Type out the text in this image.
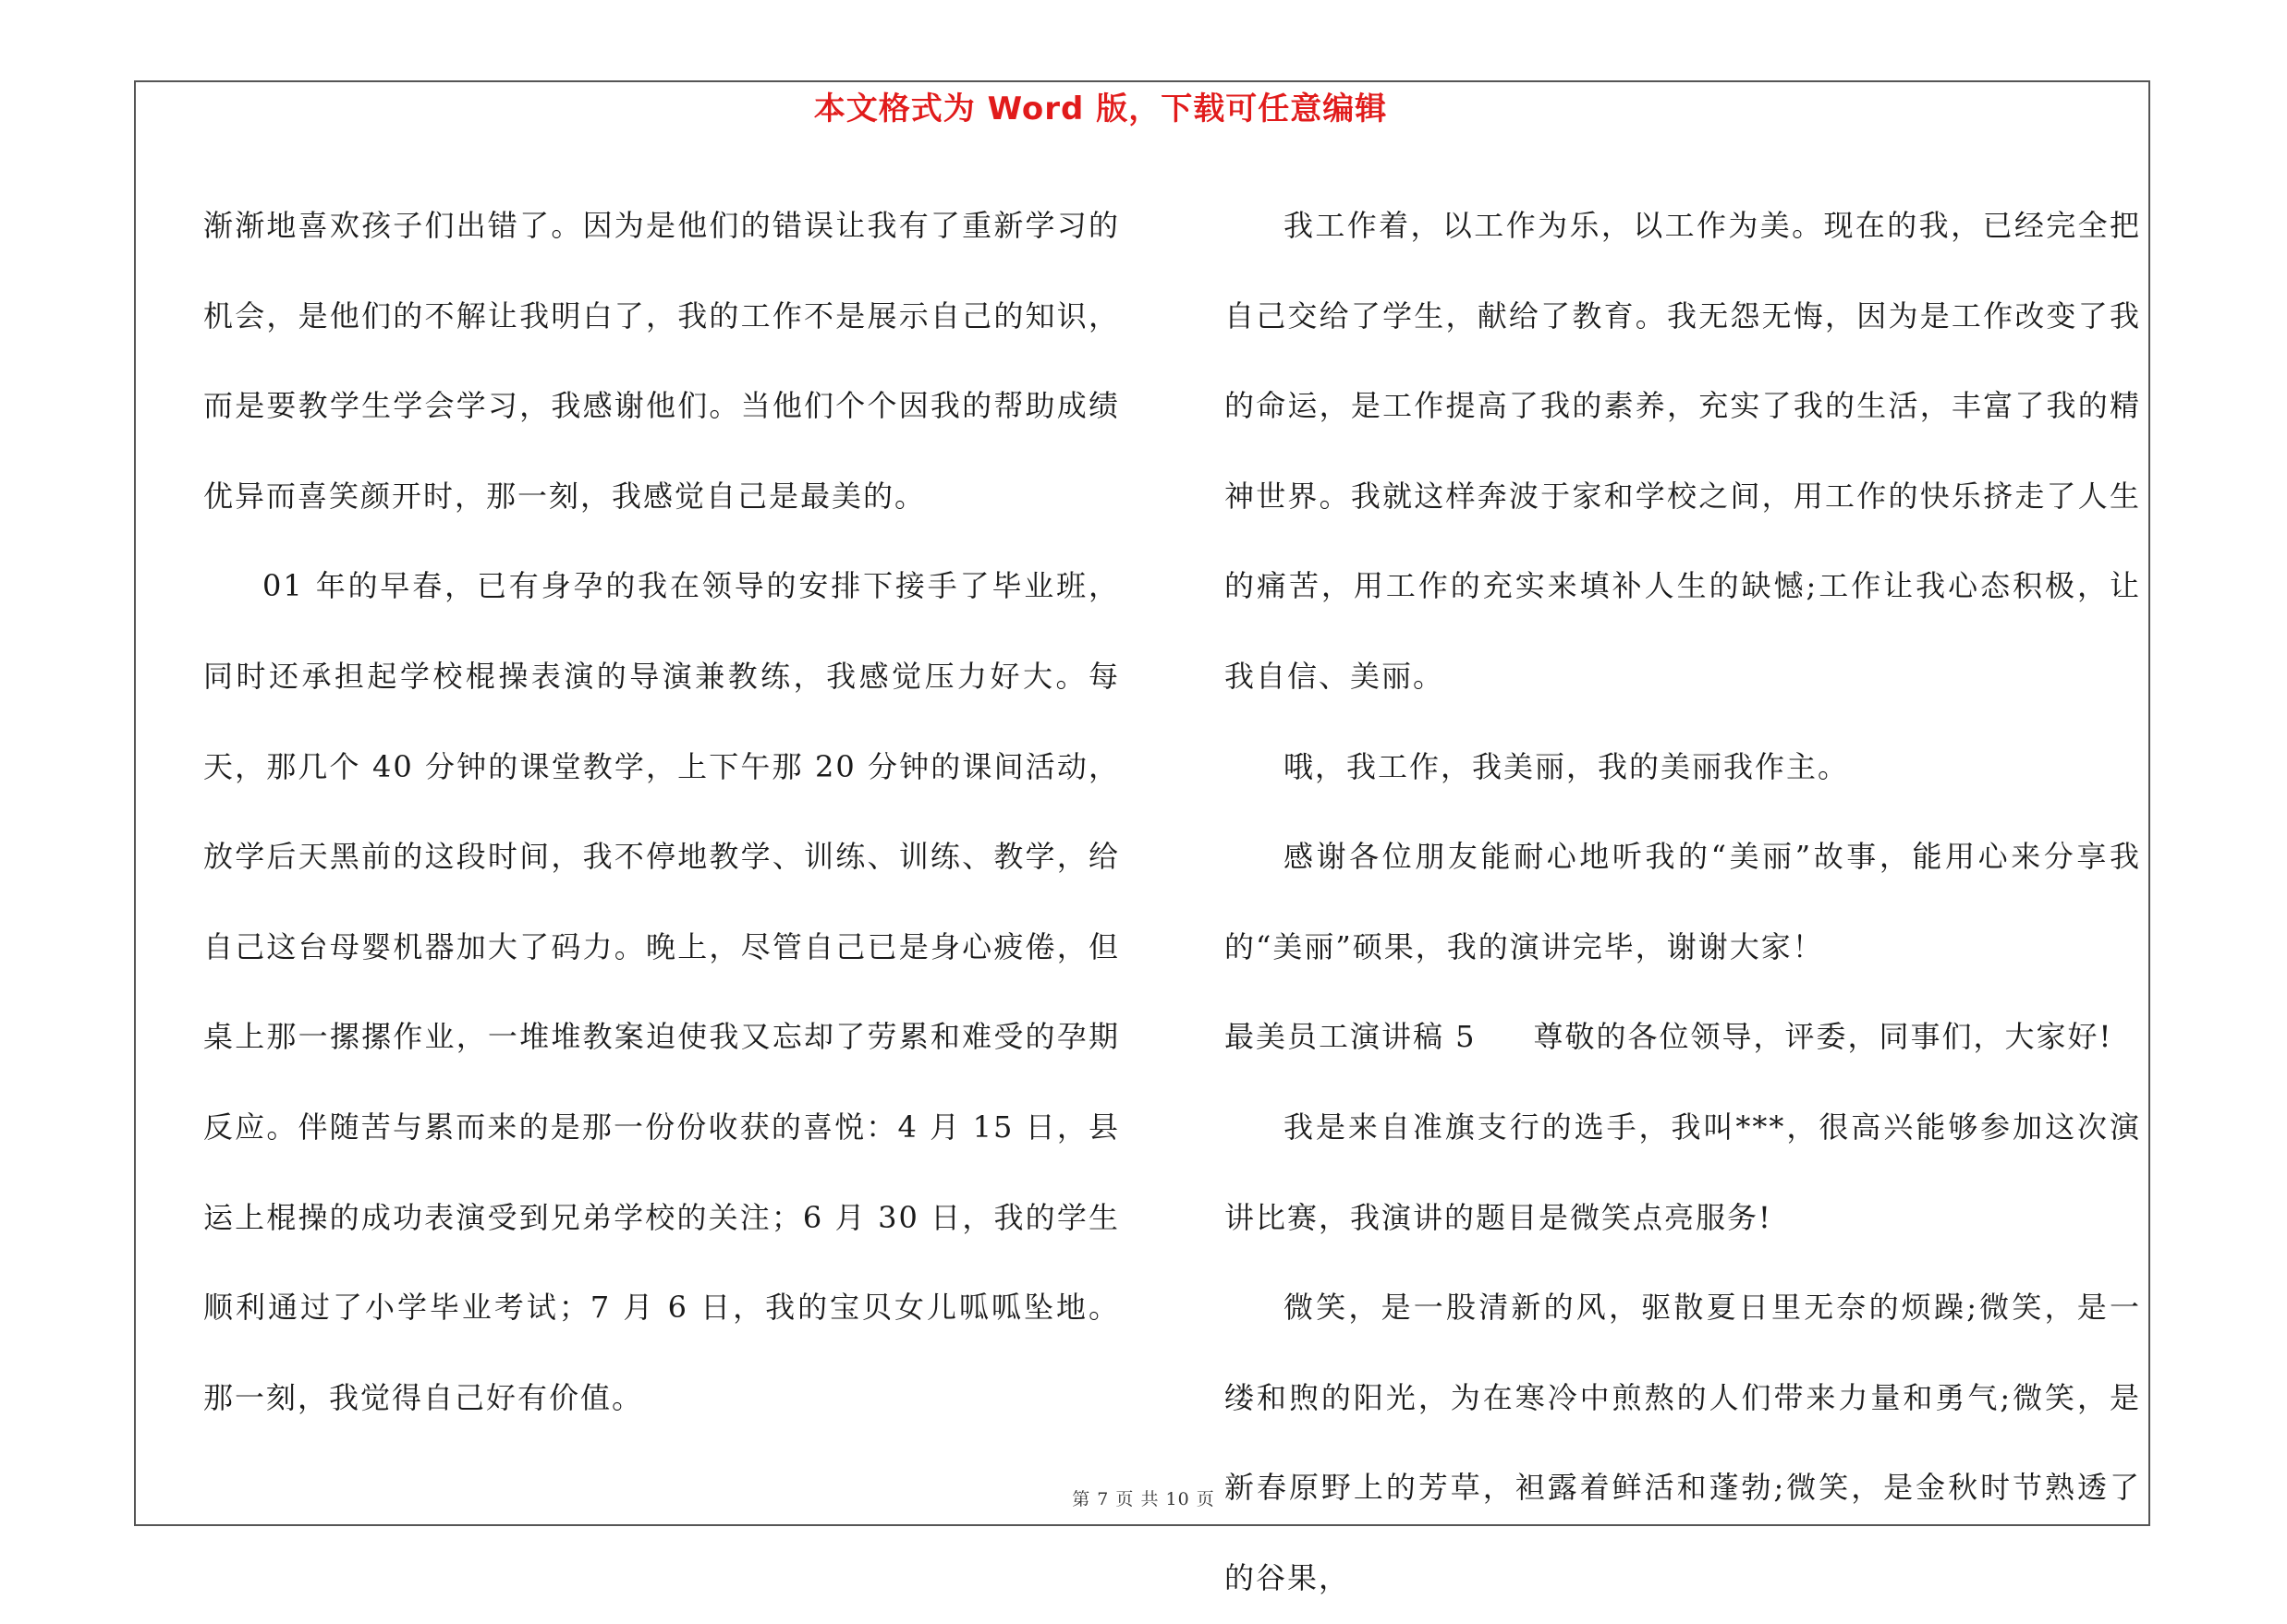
本文格式为 Word 版，下载可任意编辑

渐渐地喜欢孩子们出错了。因为是他们的错误让我有了重新学习的机会，是他们的不解让我明白了，我的工作不是展示自己的知识，而是要教学生学会学习，我感谢他们。当他们个个因我的帮助成绩优异而喜笑颜开时，那一刻，我感觉自己是最美的。

01 年的早春，已有身孕的我在领导的安排下接手了毕业班，同时还承担起学校棍操表演的导演兼教练，我感觉压力好大。每天，那几个 40 分钟的课堂教学，上下午那 20 分钟的课间活动，放学后天黑前的这段时间，我不停地教学、训练、训练、教学，给自己这台母婴机器加大了码力。晚上，尽管自己已是身心疲倦，但桌上那一摞摞作业，一堆堆教案迫使我又忘却了劳累和难受的孕期反应。伴随苦与累而来的是那一份份收获的喜悦：4 月 15 日，县运上棍操的成功表演受到兄弟学校的关注；6 月 30 日，我的学生顺利通过了小学毕业考试；7 月 6 日，我的宝贝女儿呱呱坠地。那一刻，我觉得自己好有价值。

我工作着，以工作为乐，以工作为美。现在的我，已经完全把自己交给了学生，献给了教育。我无怨无悔，因为是工作改变了我的命运，是工作提高了我的素养，充实了我的生活，丰富了我的精神世界。我就这样奔波于家和学校之间，用工作的快乐挤走了人生的痛苦，用工作的充实来填补人生的缺憾;工作让我心态积极，让我自信、美丽。

哦，我工作，我美丽，我的美丽我作主。

感谢各位朋友能耐心地听我的“美丽”故事，能用心来分享我的“美丽”硕果，我的演讲完毕，谢谢大家！

最美员工演讲稿 5 尊敬的各位领导，评委，同事们，大家好!

我是来自准旗支行的选手，我叫***，很高兴能够参加这次演讲比赛，我演讲的题目是微笑点亮服务!

微笑，是一股清新的风，驱散夏日里无奈的烦躁;微笑，是一缕和煦的阳光，为在寒冷中煎熬的人们带来力量和勇气;微笑，是新春原野上的芳草，袒露着鲜活和蓬勃;微笑，是金秋时节熟透了的谷果，

第 7 页 共 10 页
